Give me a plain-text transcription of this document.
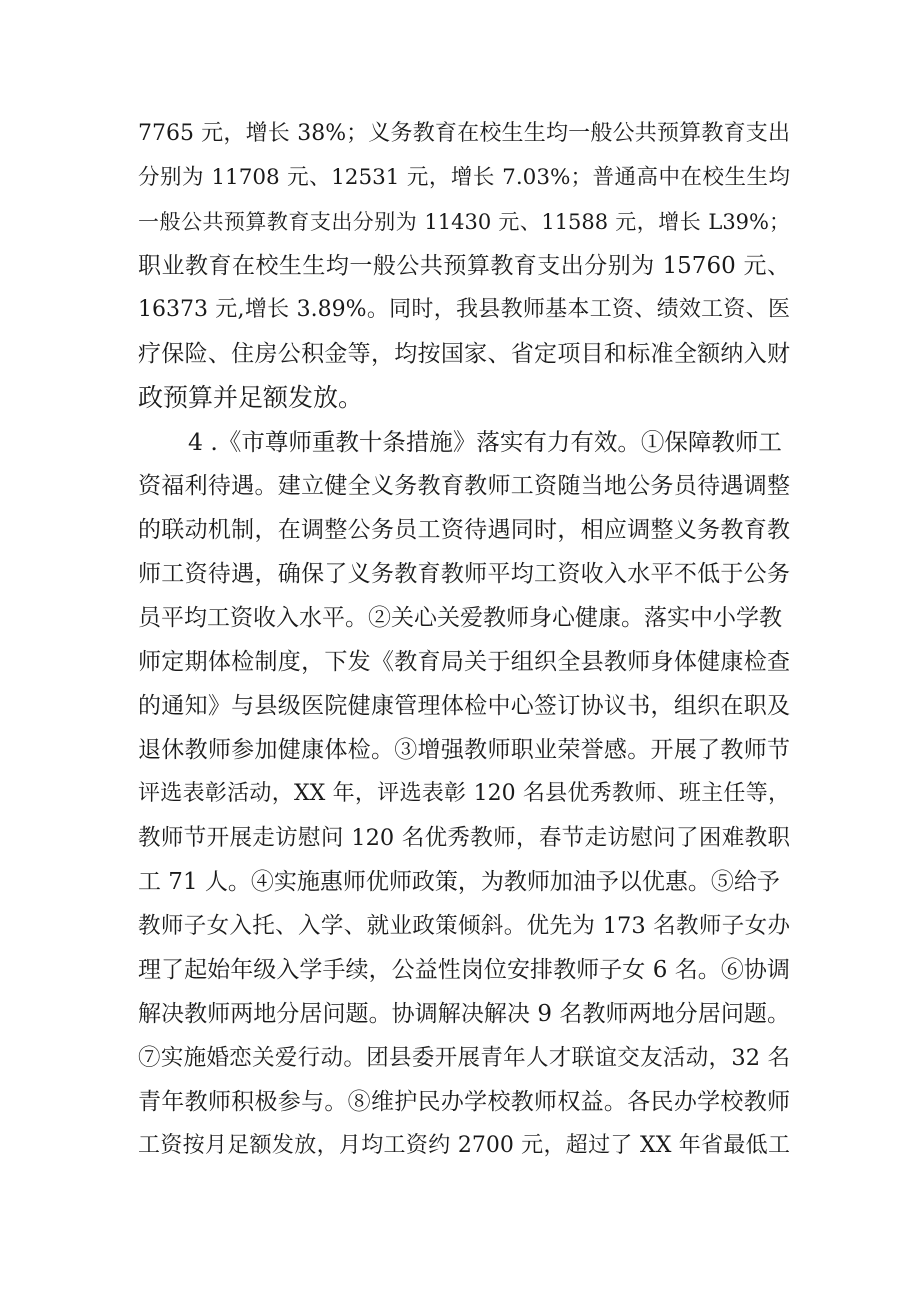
7765 元，增长 38%；义务教育在校生生均一般公共预算教育支出
分别为 11708 元、12531 元，增长 7.03%；普通高中在校生生均
一般公共预算教育支出分别为 11430 元、11588 元，增长 L39%；
职业教育在校生生均一般公共预算教育支出分别为 15760 元、
16373 元,增长 3.89%。同时，我县教师基本工资、绩效工资、医
疗保险、住房公积金等，均按国家、省定项目和标准全额纳入财
政预算并足额发放。
4 .《市尊师重教十条措施》落实有力有效。①保障教师工
资福利待遇。建立健全义务教育教师工资随当地公务员待遇调整
的联动机制，在调整公务员工资待遇同时，相应调整义务教育教
师工资待遇，确保了义务教育教师平均工资收入水平不低于公务
员平均工资收入水平。②关心关爱教师身心健康。落实中小学教
师定期体检制度，下发《教育局关于组织全县教师身体健康检查
的通知》与县级医院健康管理体检中心签订协议书，组织在职及
退休教师参加健康体检。③增强教师职业荣誉感。开展了教师节
评选表彰活动，XX 年，评选表彰 120 名县优秀教师、班主任等，
教师节开展走访慰问 120 名优秀教师，春节走访慰问了困难教职
工 71 人。④实施惠师优师政策，为教师加油予以优惠。⑤给予
教师子女入托、入学、就业政策倾斜。优先为 173 名教师子女办
理了起始年级入学手续，公益性岗位安排教师子女 6 名。⑥协调
解决教师两地分居问题。协调解决解决 9 名教师两地分居问题。
⑦实施婚恋关爱行动。团县委开展青年人才联谊交友活动，32 名
青年教师积极参与。⑧维护民办学校教师权益。各民办学校教师
工资按月足额发放，月均工资约 2700 元，超过了 XX 年省最低工
